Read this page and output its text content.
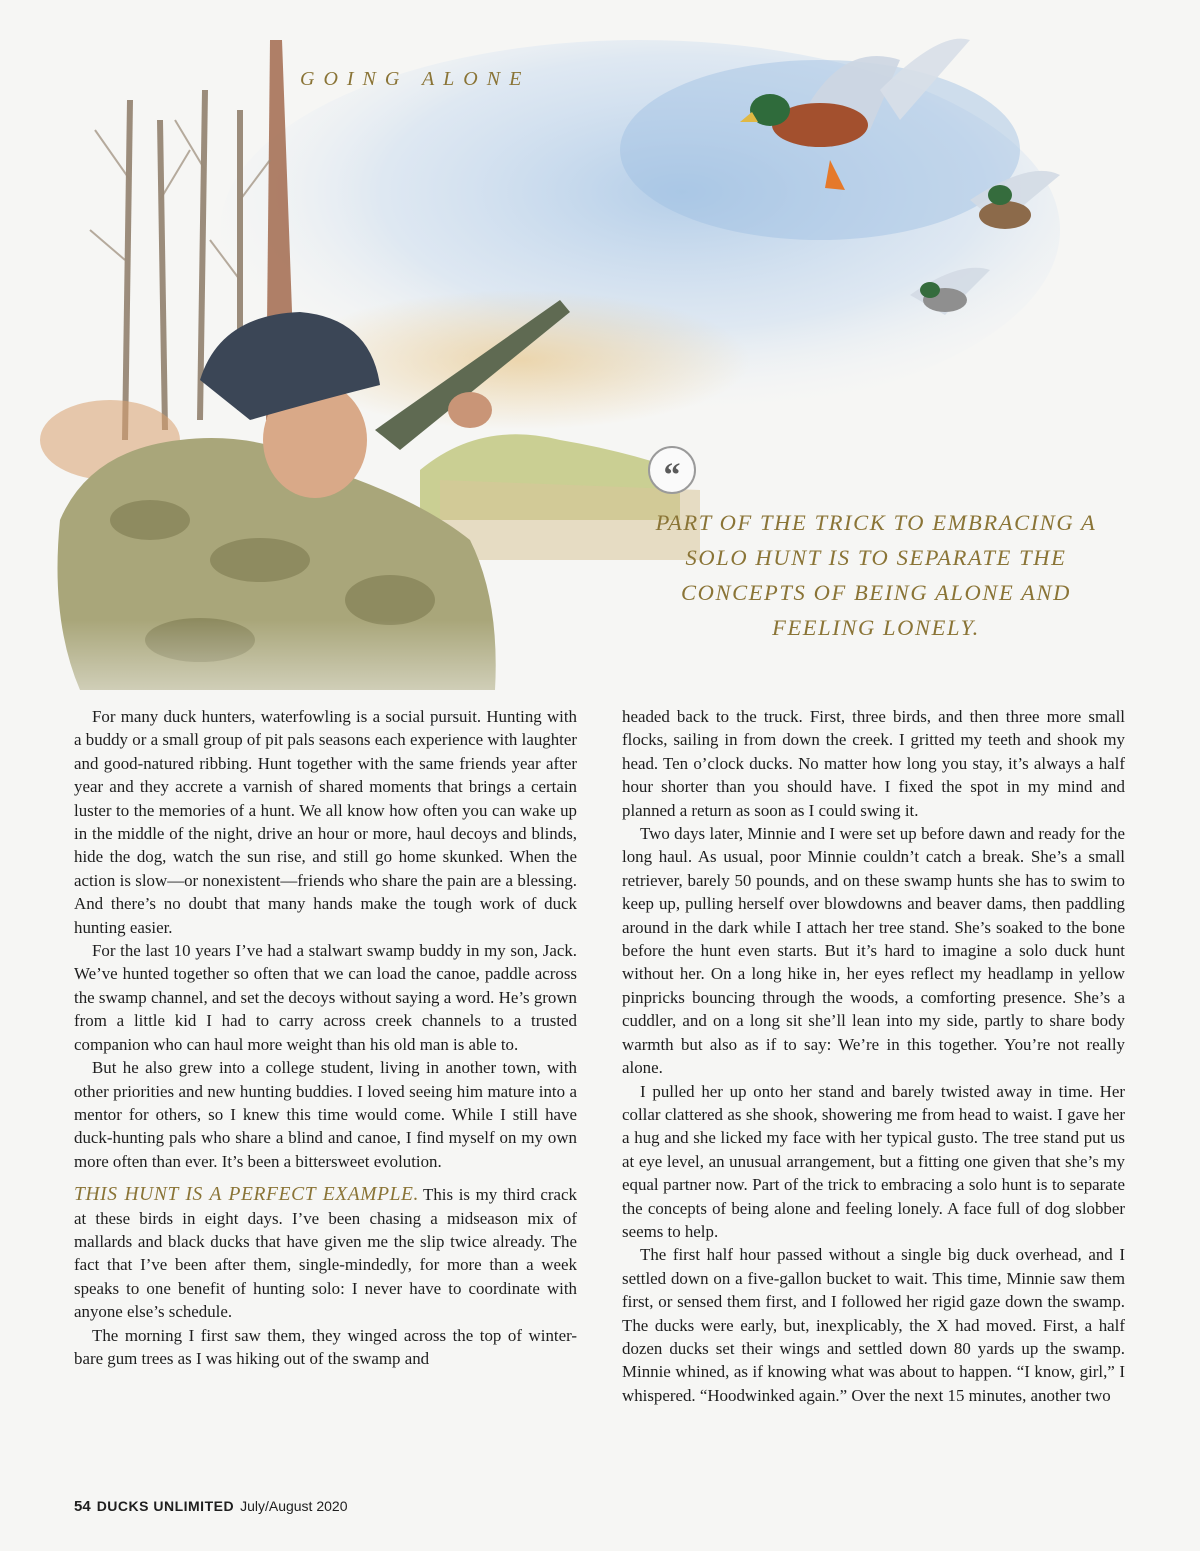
GOING ALONE
“

PART OF THE TRICK TO EMBRACING A SOLO HUNT IS TO SEPARATE THE CONCEPTS OF BEING ALONE AND FEELING LONELY.

For many duck hunters, waterfowling is a social pursuit. Hunting with a buddy or a small group of pit pals seasons each experience with laughter and good-natured ribbing. Hunt together with the same friends year after year and they accrete a varnish of shared moments that brings a certain luster to the memories of a hunt. We all know how often you can wake up in the middle of the night, drive an hour or more, haul decoys and blinds, hide the dog, watch the sun rise, and still go home skunked. When the action is slow—or nonexistent—friends who share the pain are a blessing. And there’s no doubt that many hands make the tough work of duck hunting easier.

For the last 10 years I’ve had a stalwart swamp buddy in my son, Jack. We’ve hunted together so often that we can load the canoe, paddle across the swamp channel, and set the decoys without saying a word. He’s grown from a little kid I had to carry across creek channels to a trusted companion who can haul more weight than his old man is able to.

But he also grew into a college student, living in another town, with other priorities and new hunting buddies. I loved seeing him mature into a mentor for others, so I knew this time would come. While I still have duck-hunting pals who share a blind and canoe, I find myself on my own more often than ever. It’s been a bittersweet evolution.

THIS HUNT IS A PERFECT EXAMPLE. This is my third crack at these birds in eight days. I’ve been chasing a midseason mix of mallards and black ducks that have given me the slip twice already. The fact that I’ve been after them, single-mindedly, for more than a week speaks to one benefit of hunting solo: I never have to coordinate with anyone else’s schedule.

The morning I first saw them, they winged across the top of winter-bare gum trees as I was hiking out of the swamp and

headed back to the truck. First, three birds, and then three more small flocks, sailing in from down the creek. I gritted my teeth and shook my head. Ten o’clock ducks. No matter how long you stay, it’s always a half hour shorter than you should have. I fixed the spot in my mind and planned a return as soon as I could swing it.

Two days later, Minnie and I were set up before dawn and ready for the long haul. As usual, poor Minnie couldn’t catch a break. She’s a small retriever, barely 50 pounds, and on these swamp hunts she has to swim to keep up, pulling herself over blowdowns and beaver dams, then paddling around in the dark while I attach her tree stand. She’s soaked to the bone before the hunt even starts. But it’s hard to imagine a solo duck hunt without her. On a long hike in, her eyes reflect my headlamp in yellow pinpricks bouncing through the woods, a comforting presence. She’s a cuddler, and on a long sit she’ll lean into my side, partly to share body warmth but also as if to say: We’re in this together. You’re not really alone.

I pulled her up onto her stand and barely twisted away in time. Her collar clattered as she shook, showering me from head to waist. I gave her a hug and she licked my face with her typical gusto. The tree stand put us at eye level, an unusual arrangement, but a fitting one given that she’s my equal partner now. Part of the trick to embracing a solo hunt is to separate the concepts of being alone and feeling lonely. A face full of dog slobber seems to help.

The first half hour passed without a single big duck overhead, and I settled down on a five-gallon bucket to wait. This time, Minnie saw them first, or sensed them first, and I followed her rigid gaze down the swamp. The ducks were early, but, inexplicably, the X had moved. First, a half dozen ducks set their wings and settled down 80 yards up the swamp. Minnie whined, as if knowing what was about to happen. “I know, girl,” I whispered. “Hoodwinked again.” Over the next 15 minutes, another two

54 DUCKS UNLIMITED July/August 2020
